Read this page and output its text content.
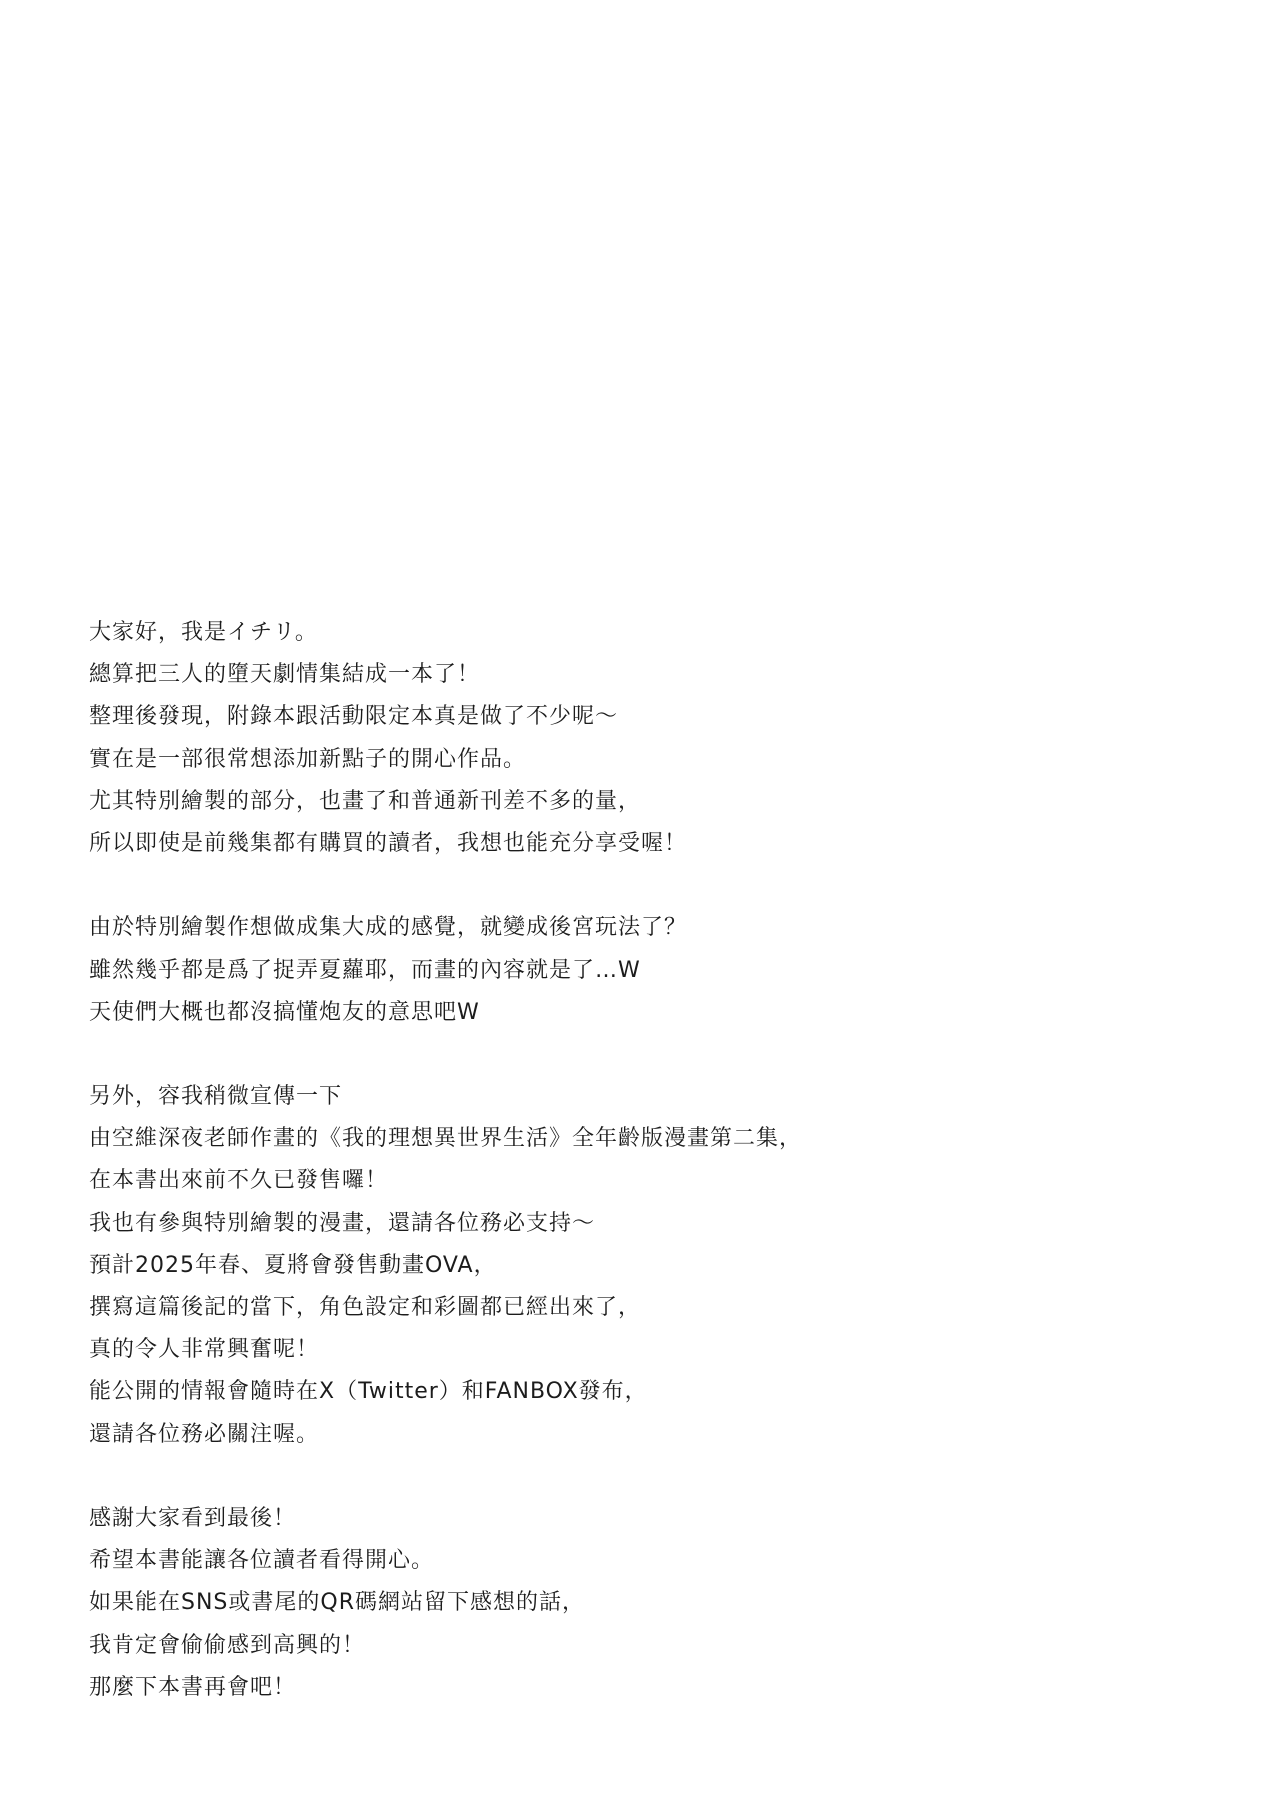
大家好，我是イチリ。
總算把三人的墮天劇情集結成一本了！
整理後發現，附錄本跟活動限定本真是做了不少呢～
實在是一部很常想添加新點子的開心作品。
尤其特別繪製的部分，也畫了和普通新刊差不多的量，
所以即使是前幾集都有購買的讀者，我想也能充分享受喔！
由於特別繪製作想做成集大成的感覺，就變成後宮玩法了？
雖然幾乎都是爲了捉弄夏蘿耶，而畫的內容就是了…W
天使們大概也都沒搞懂炮友的意思吧W
另外，容我稍微宣傳一下
由空維深夜老師作畫的《我的理想異世界生活》全年齡版漫畫第二集，
在本書出來前不久已發售囉！
我也有參與特別繪製的漫畫，還請各位務必支持～
預計2025年春、夏將會發售動畫OVA，
撰寫這篇後記的當下，角色設定和彩圖都已經出來了，
真的令人非常興奮呢！
能公開的情報會隨時在X（Twitter）和FANBOX發布，
還請各位務必關注喔。
感謝大家看到最後！
希望本書能讓各位讀者看得開心。
如果能在SNS或書尾的QR碼網站留下感想的話，
我肯定會偷偷感到高興的！
那麼下本書再會吧！
